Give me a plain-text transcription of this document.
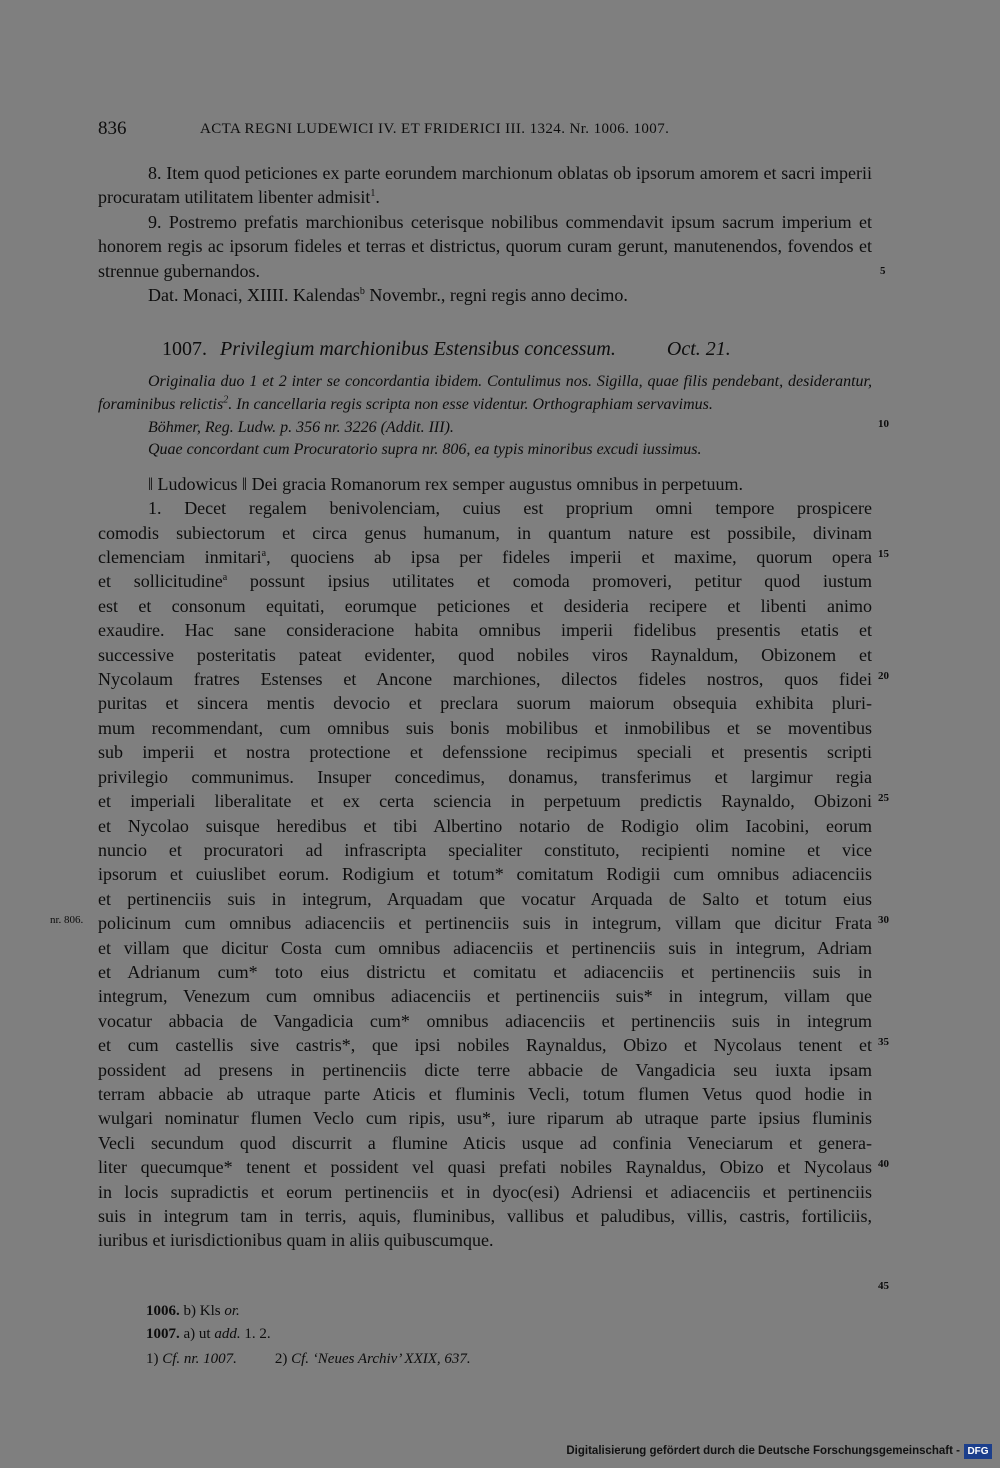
836	ACTA REGNI LUDEWICI IV. ET FRIDERICI III. 1324. Nr. 1006. 1007.

8. Item quod peticiones ex parte eorundem marchionum oblatas ob ipsorum amorem et sacri imperii procuratam utilitatem libenter admisit$^1$.

9. Postremo prefatis marchionibus ceterisque nobilibus commendavit ipsum sacrum imperium et honorem regis ac ipsorum fideles et terras et districtus, quorum curam gerunt, manutenendos, fovendos et strennue gubernandos.

Dat. Monaci, XIIII. Kalendas$^b$ Novembr., regni regis anno decimo.

1007. Privilegium marchionibus Estensibus concessum.	Oct. 21.

Originalia duo 1 et 2 inter se concordantia ibidem. Contulimus nos. Sigilla, quae filis pendebant, desiderantur, foraminibus relictis$^2$. In cancellaria regis scripta non esse videntur. Orthographiam servavimus.

Böhmer, Reg. Ludw. p. 356 nr. 3226 (Addit. III).

Quae concordant cum Procuratorio supra nr. 806, ea typis minoribus excudi iussimus.

‖ Ludowicus ‖ Dei gracia Romanorum rex semper augustus omnibus in perpetuum.

1. Decet regalem benivolenciam, cuius est proprium omni tempore prospicere
comodis subiectorum et circa genus humanum, in quantum nature est possibile, divinam
clemenciam inmitari$^a$, quociens ab ipsa per fideles imperii et maxime, quorum opera
et sollicitudine$^a$ possunt ipsius utilitates et comoda promoveri, petitur quod iustum
est et consonum equitati, eorumque peticiones et desideria recipere et libenti animo
exaudire. Hac sane consideracione habita omnibus imperii fidelibus presentis etatis et
successive posteritatis pateat evidenter, quod nobiles viros Raynaldum, Obizonem et
Nycolaum fratres Estenses et Ancone marchiones, dilectos fideles nostros, quos fidei
puritas et sincera mentis devocio et preclara suorum maiorum obsequia exhibita pluri-
mum recommendant, cum omnibus suis bonis mobilibus et inmobilibus et se moventibus
sub imperii et nostra protectione et defenssione recipimus speciali et presentis scripti
privilegio communimus. Insuper concedimus, donamus, transferimus et largimur regia
et imperiali liberalitate et ex certa sciencia in perpetuum predictis Raynaldo, Obizoni
et Nycolao suisque heredibus et tibi Albertino notario de Rodigio olim Iacobini, eorum
nuncio et procuratori ad infrascripta specialiter constituto, recipienti nomine et vice
ipsorum et cuiuslibet eorum. Rodigium et totum* comitatum Rodigii cum omnibus adiacenciis
et pertinenciis suis in integrum, Arquadam que vocatur Arquada de Salto et totum eius
policinum cum omnibus adiacenciis et pertinenciis suis in integrum, villam que dicitur Frata
et villam que dicitur Costa cum omnibus adiacenciis et pertinenciis suis in integrum, Adriam
et Adrianum cum* toto eius districtu et comitatu et adiacenciis et pertinenciis suis in
integrum, Venezum cum omnibus adiacenciis et pertinenciis suis* in integrum, villam que
vocatur abbacia de Vangadicia cum* omnibus adiacenciis et pertinenciis suis in integrum
et cum castellis sive castris*, que ipsi nobiles Raynaldus, Obizo et Nycolaus tenent et
possident ad presens in pertinenciis dicte terre abbacie de Vangadicia seu iuxta ipsam
terram abbacie ab utraque parte Aticis et fluminis Vecli, totum flumen Vetus quod hodie in
wulgari nominatur flumen Veclo cum ripis, usu*, iure riparum ab utraque parte ipsius fluminis
Vecli secundum quod discurrit a flumine Aticis usque ad confinia Veneciarum et genera-
liter quecumque* tenent et possident vel quasi prefati nobiles Raynaldus, Obizo et Nycolaus
in locis supradictis et eorum pertinenciis et in dyoc(esi) Adriensi et adiacenciis et pertinenciis
suis in integrum tam in terris, aquis, fluminibus, vallibus et paludibus, villis, castris, fortiliciis,
iuribus et iurisdictionibus quam in aliis quibuscumque.
5
10
15
20
25
30
35
40
45
nr. 806.
1006. b) Kls or.
1007. a) ut add. 1. 2.
1) Cf. nr. 1007.	2) Cf. ‘Neues Archiv’ XXIX, 637.
Digitalisierung gefördert durch die Deutsche Forschungsgemeinschaft - DFG
